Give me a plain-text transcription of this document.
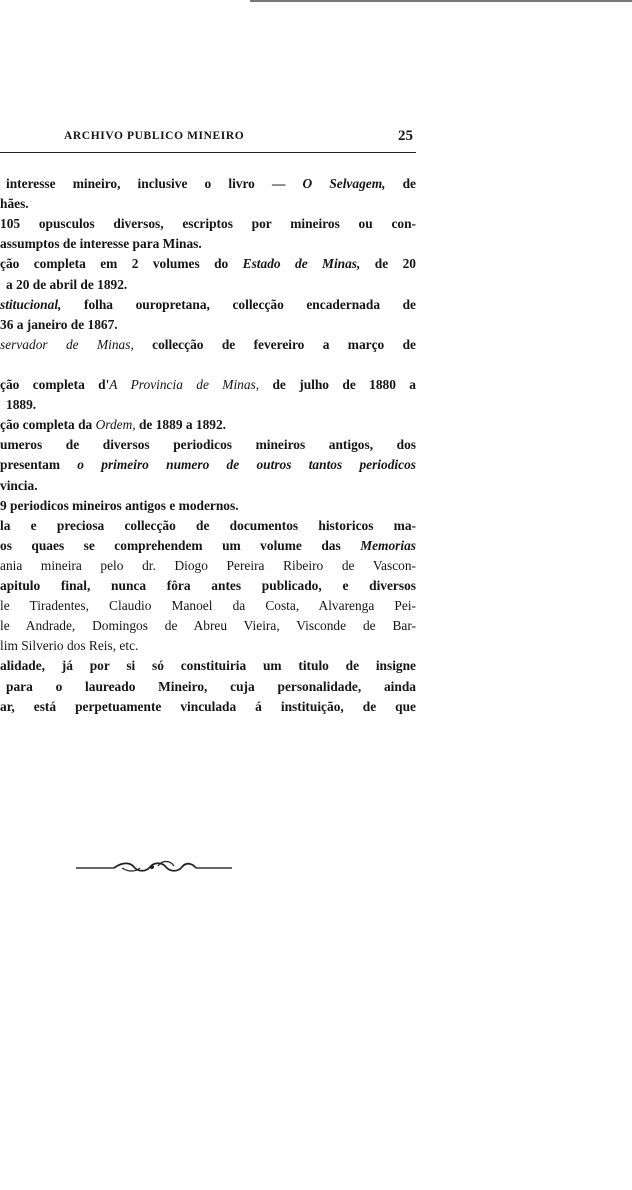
ARCHIVO PUBLICO MINEIRO	25
interesse mineiro, inclusive o livro — O Selvagem, de
hães.
105 opusculos diversos, escriptos por mineiros ou con-
assumptos de interesse para Minas.
ção completa em 2 volumes do Estado de Minas, de 20
a 20 de abril de 1892.
stitucional, folha ouropretana, collecção encadernada de
36 a janeiro de 1867.
servador de Minas, collecção de fevereiro a março de
ção completa d'A Provincia de Minas, de julho de 1880 a
1889.
ção completa da Ordem, de 1889 a 1892.
umeros de diversos periodicos mineiros antigos, dos
presentam o primeiro numero de outros tantos periodicos
vincia.
9 periodicos mineiros antigos e modernos.
la e preciosa collecção de documentos historicos ma-
os quaes se comprehendem um volume das Memorias
ania mineira pelo dr. Diogo Pereira Ribeiro de Vascon-
apitulo final, nunca fôra antes publicado, e diversos
le Tiradentes, Claudio Manoel da Costa, Alvarenga Pei-
le Andrade, Domingos de Abreu Vieira, Visconde de Bar-
lim Silverio dos Reis, etc.
alidade, já por si só constituiria um titulo de insigne
para o laureado Mineiro, cuja personalidade, ainda
ar, está perpetuamente vinculada á instituição, de que
